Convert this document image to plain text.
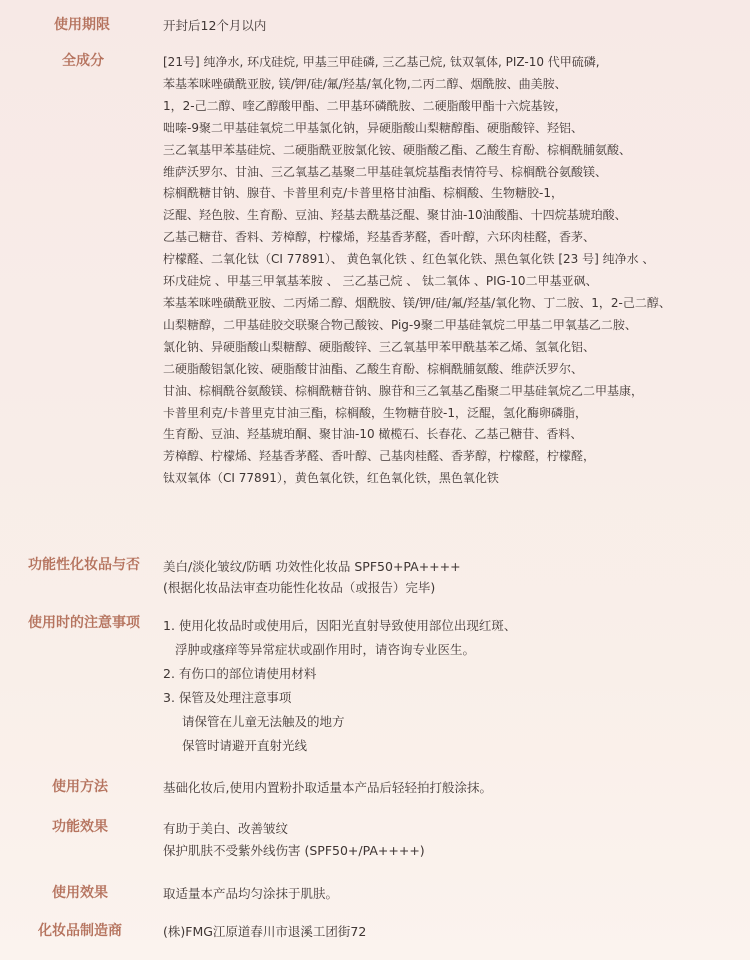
使用期限	开封后12个月以内
全成分	[21号] 纯净水, 环戊硅烷, 甲基三甲硅磷, 三乙基己烷, 钛双氧体, PIZ-10 代甲硫磷,
苯基苯咪唑磺酰亚胺, 镁/钾/硅/氟/羟基/氧化物,二丙二醇、烟酰胺、曲美胺、
1，2-己二醇、喹乙醇酸甲酯、二甲基环磷酰胺、二硬脂酸甲酯十六烷基铵，
咄嗪-9聚二甲基硅氧烷二甲基氯化钠，异硬脂酸山梨糖醇酯、硬脂酸锌、羟铝、
三乙氧基甲苯基硅烷、二硬脂酰亚胺氯化铵、硬脂酸乙酯、乙酸生育酚、棕榈酰脯氨酸、
维萨沃罗尔、甘油、三乙氧基乙基聚二甲基硅氧烷基酯表情符号、棕榈酰谷氨酸镁、
棕榈酰糖甘钠、腺苷、卡普里利克/卡普里格甘油酯、棕榈酸、生物糖胶-1，
泛醌、羟色胺、生育酚、豆油、羟基去酰基泛醌、聚甘油-10油酸酯、十四烷基琥珀酸、
乙基己糖苷、香料、芳樟醇，柠檬烯，羟基香茅醛，香叶醇，六环肉桂醛，香茅、
柠檬醛、二氧化钛（CI 77891）、 黄色氧化铁 、红色氧化铁、黑色氧化铁 [23 号] 纯净水 、
环戊硅烷 、甲基三甲氧基苯胺 、 三乙基己烷 、 钛二氧体 、PIG-10二甲基亚砜、
苯基苯咪唑磺酰亚胺、二丙烯二醇、烟酰胺、镁/钾/硅/氟/羟基/氧化物、丁二胺、1，2-己二醇、
山梨糖醇，二甲基硅胶交联聚合物己酸铵、Pig-9聚二甲基硅氧烷二甲基二甲氧基乙二胺、
氯化钠、异硬脂酸山梨糖醇、硬脂酸锌、三乙氧基甲苯甲酰基苯乙烯、氢氧化铝、
二硬脂酸铝氯化铵、硬脂酸甘油酯、乙酸生育酚、棕榈酰脯氨酸、维萨沃罗尔、
甘油、棕榈酰谷氨酸镁、棕榈酰糖苷钠、腺苷和三乙氧基乙酯聚二甲基硅氧烷乙二甲基康，
卡普里利克/卡普里克甘油三酯，棕榈酸，生物糖苷胶-1，泛醌，氢化酶卵磷脂，
生育酚、豆油、羟基琥珀酮、聚甘油-10 橄榄石、长春花、乙基己糖苷、香料、
芳樟醇、柠檬烯、羟基香茅醛、香叶醇、己基肉桂醛、香茅醇，柠檬醛，柠檬醛，
钛双氧体（CI 77891），黄色氧化铁，红色氧化铁，黑色氧化铁
功能性化妆品与否 美白/淡化皱纹/防晒 功效性化妆品 SPF50+PA++++
(根据化妆品法审查功能性化妆品（或报告）完毕)
使用时的注意事项 1. 使用化妆品时或使用后，因阳光直射导致使用部位出现红斑、
浮肿或瘙痒等异常症状或副作用时，请咨询专业医生。
2. 有伤口的部位请使用材料
3. 保管及处理注意事项
请保管在儿童无法触及的地方
保管时请避开直射光线
使用方法	基础化妆后,使用内置粉扑取适量本产品后轻轻拍打般涂抹。
功能效果	有助于美白、改善皱纹
保护肌肤不受紫外线伤害 (SPF50+/PA++++)
使用效果	取适量本产品均匀涂抹于肌肤。
化妆品制造商	(株)FMG江原道春川市退溪工团街72
